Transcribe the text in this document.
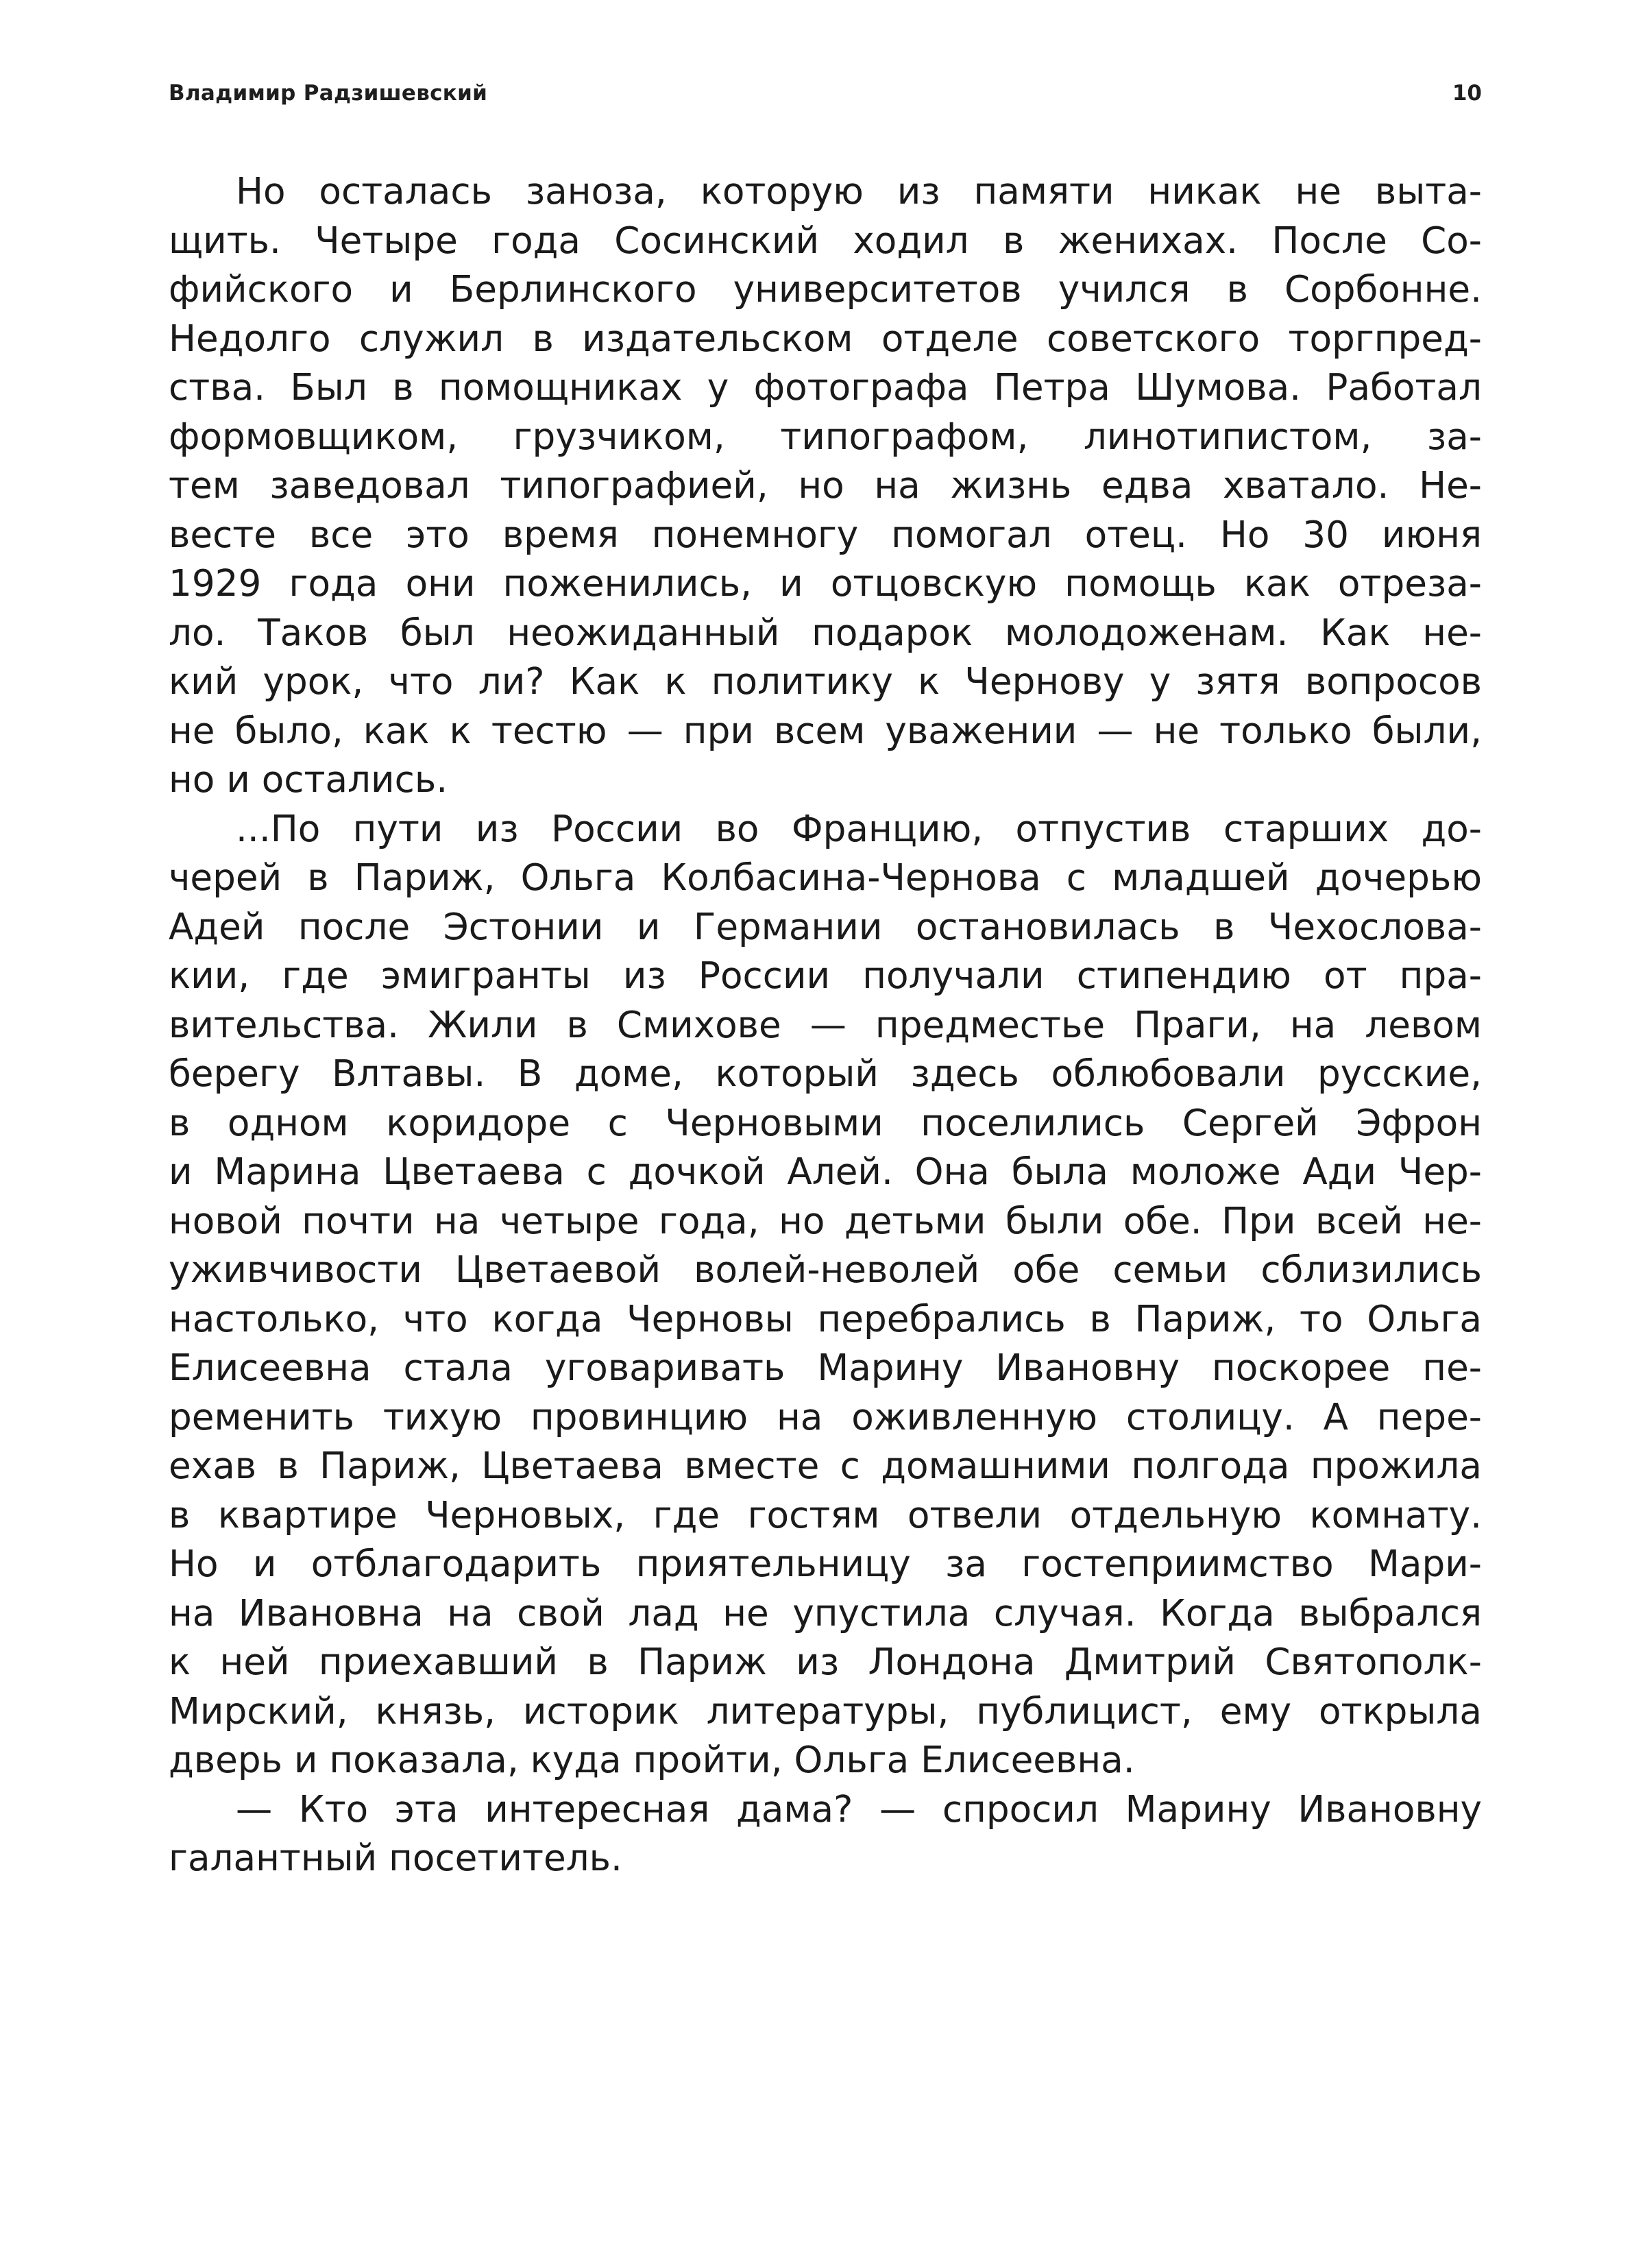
Владимир Радзишевский	10
Но осталась заноза, которую из памяти никак не выта-
щить. Четыре года Сосинский ходил в женихах. После Со-
фийского и Берлинского университетов учился в Сорбонне.
Недолго служил в издательском отделе советского торгпред-
ства. Был в помощниках у фотографа Петра Шумова. Работал
формовщиком, грузчиком, типографом, линотипистом, за-
тем заведовал типографией, но на жизнь едва хватало. Не-
весте все это время понемногу помогал отец. Но 30 июня
1929 года они поженились, и отцовскую помощь как отреза-
ло. Таков был неожиданный подарок молодоженам. Как не-
кий урок, что ли? Как к политику к Чернову у зятя вопросов
не было, как к тестю — при всем уважении — не только были,
но и остались.
...По пути из России во Францию, отпустив старших до-
черей в Париж, Ольга Колбасина-Чернова с младшей дочерью
Адей после Эстонии и Германии остановилась в Чехослова-
кии, где эмигранты из России получали стипендию от пра-
вительства. Жили в Смихове — предместье Праги, на левом
берегу Влтавы. В доме, который здесь облюбовали русские,
в одном коридоре с Черновыми поселились Сергей Эфрон
и Марина Цветаева с дочкой Алей. Она была моложе Ади Чер-
новой почти на четыре года, но детьми были обе. При всей не-
уживчивости Цветаевой волей-неволей обе семьи сблизились
настолько, что когда Черновы перебрались в Париж, то Ольга
Елисеевна стала уговаривать Марину Ивановну поскорее пе-
ременить тихую провинцию на оживленную столицу. А пере-
ехав в Париж, Цветаева вместе с домашними полгода прожила
в квартире Черновых, где гостям отвели отдельную комнату.
Но и отблагодарить приятельницу за гостеприимство Мари-
на Ивановна на свой лад не упустила случая. Когда выбрался
к ней приехавший в Париж из Лондона Дмитрий Святополк-
Мирский, князь, историк литературы, публицист, ему открыла
дверь и показала, куда пройти, Ольга Елисеевна.
— Кто эта интересная дама? — спросил Марину Ивановну
галантный посетитель.
